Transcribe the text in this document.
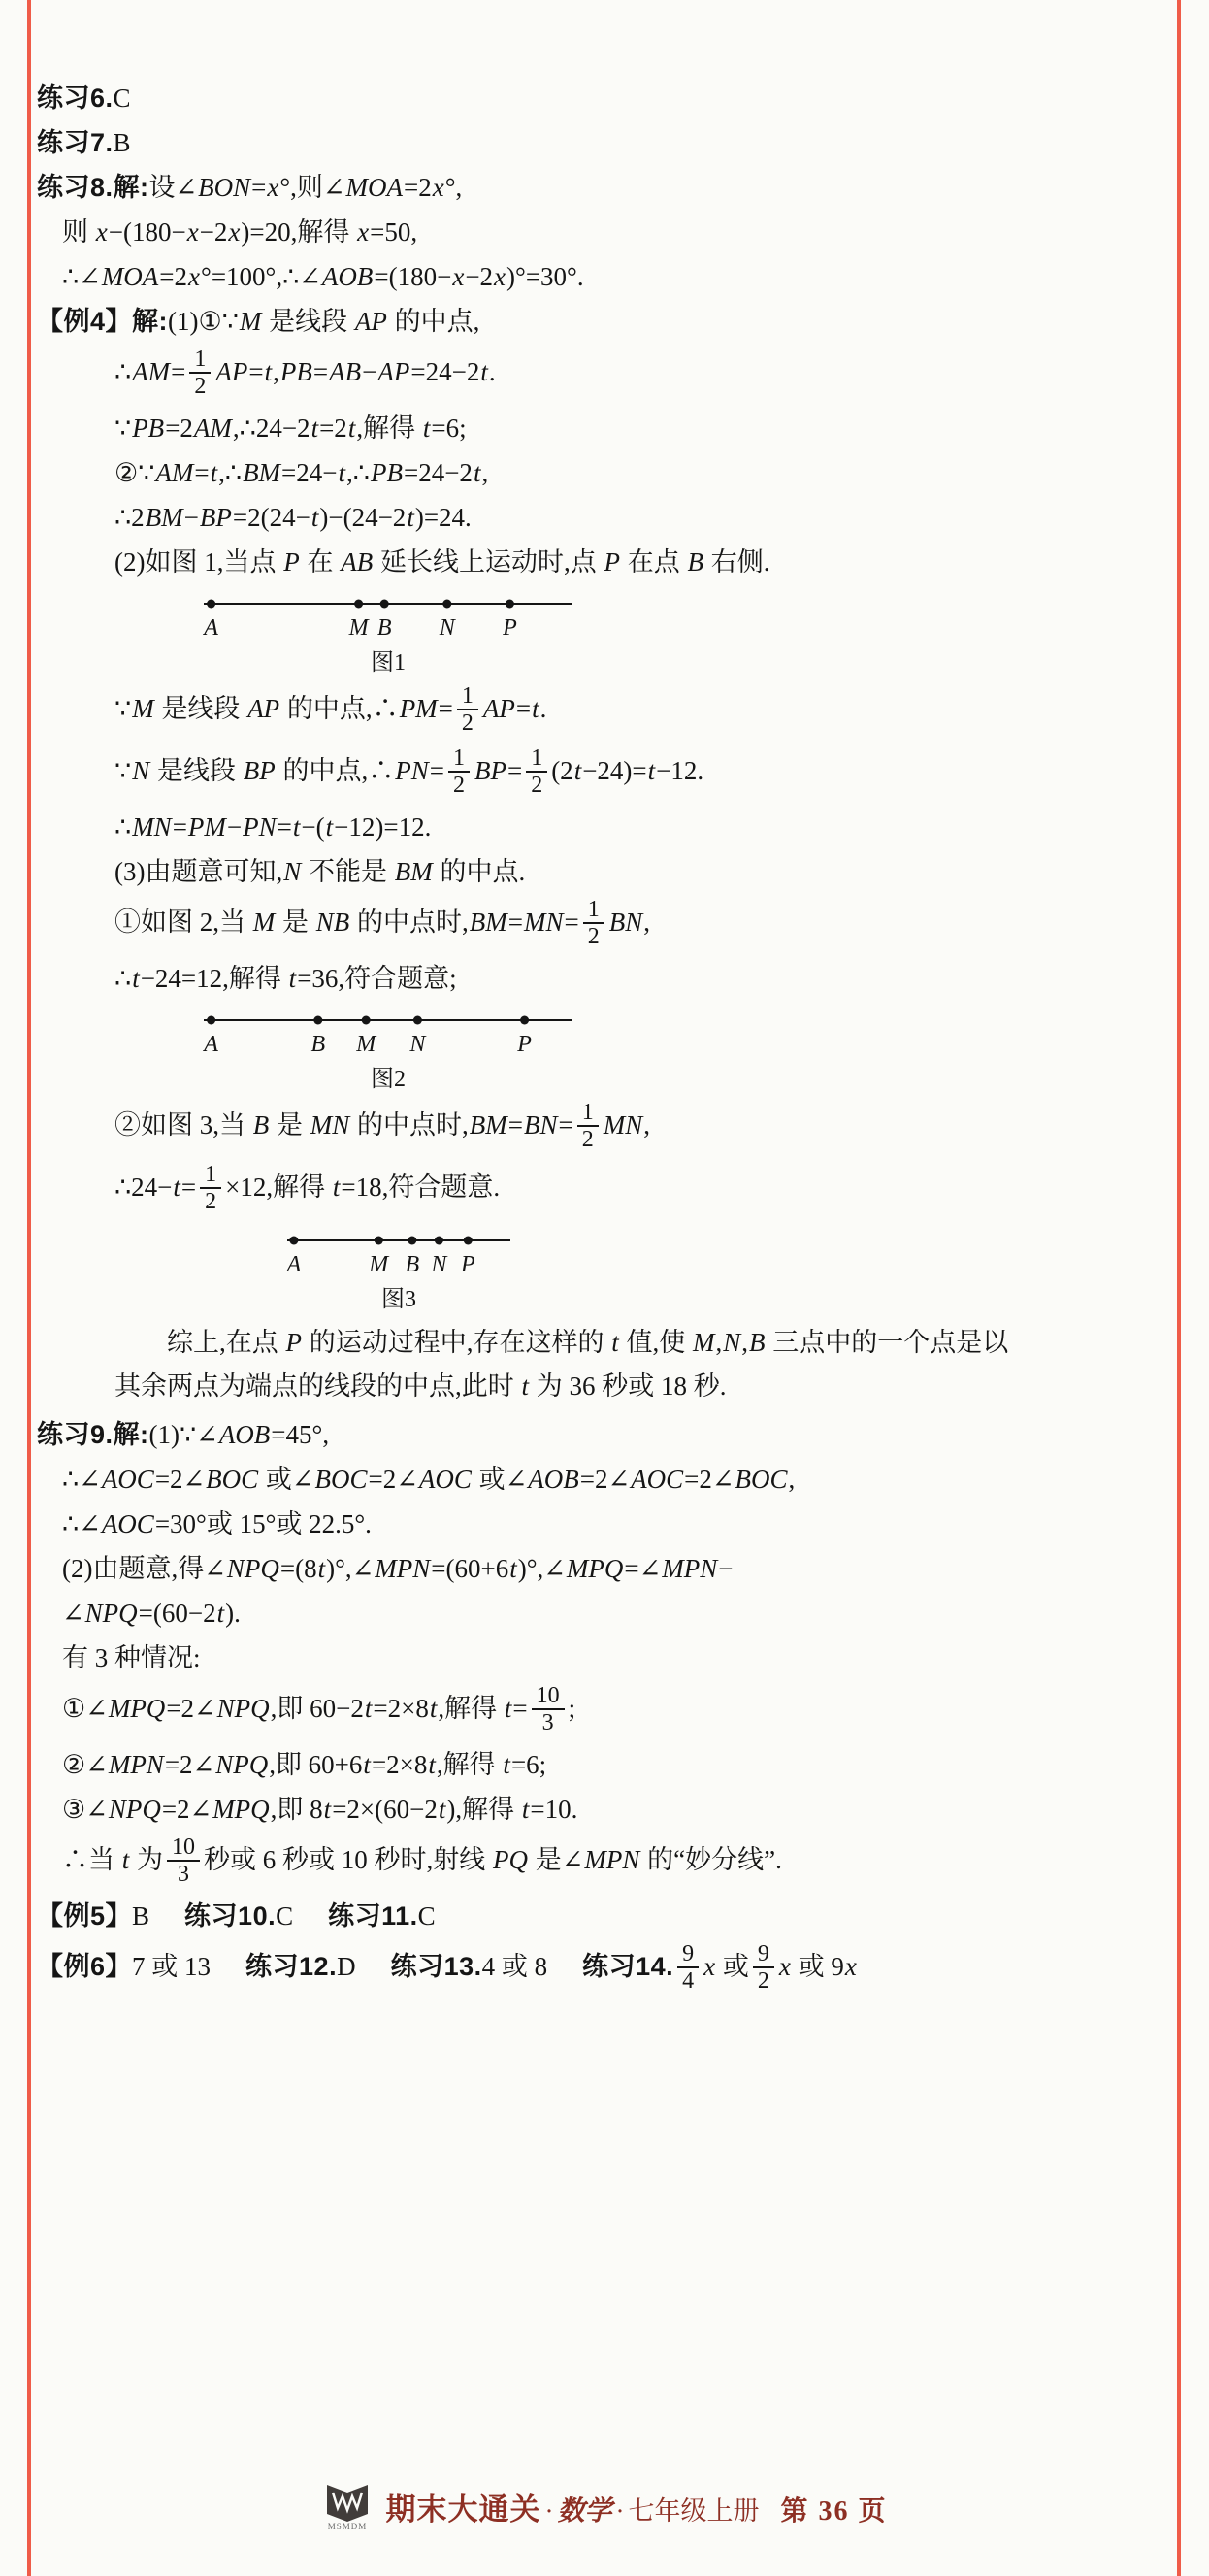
练习6.C
练习7.B
练习8.解:设∠BON=x°,则∠MOA=2x°,
则 x−(180−x−2x)=20,解得 x=50,
∴∠MOA=2x°=100°,∴∠AOB=(180−x−2x)°=30°.
【例4】解:(1)①∵M 是线段 AP 的中点,
∴AM= $\frac{1}{2} AP=t,PB=AB-AP=24-2t$.
∵PB=2AM,∴24−2t=2t,解得 t=6;
②∵AM=t,∴BM=24−t,∴PB=24−2t,
∴2BM−BP=2(24−t)−(24−2t)=24.
(2)如图 1,当点 P 在 AB 延长线上运动时,点 P 在点 B 右侧.
A	M B N P
图1
∵M 是线段 AP 的中点,∴PM= $\frac{1}{2} AP=t$.
∵N 是线段 BP 的中点,∴PN= $\frac{1}{2} BP= \frac{1}{2} (2t-24)=t-12$.
∴MN=PM−PN=t−(t−12)=12.
(3)由题意可知,N 不能是 BM 的中点.
①如图 2,当 M 是 NB 的中点时$,BM=MN= \frac{1}{2}$ BN,
∴t−24=12,解得 t=36,符合题意;
A	B M N	P
图2
②如图 3,当 B 是 MN 的中点时$,BM=BN= \frac{1}{2}$ MN,
∴24−t= $\frac{1}{2} \times 12$,解得 t=18,符合题意.
A	M B N P
图3
综上,在点 P 的运动过程中,存在这样的 t 值,使 M,N,B 三点中的一个点是以其余两点为端点的线段的中点,此时 t 为 36 秒或 18 秒.
练习9.解:(1)∵∠AOB=45°,
∴∠AOC=2∠BOC 或∠BOC=2∠AOC 或∠AOB=2∠AOC=2∠BOC,
∴∠AOC=30°或 15°或 22.5°.
(2)由题意,得∠NPQ=(8t)°,∠MPN=(60+6t)°,∠MPQ=∠MPN−
∠NPQ=(60−2t).
有 3 种情况:
①∠MPQ=2∠NPQ,即 60−2t=2×8t,解得 $t= \frac{10}{3}$ ;
②∠MPN=2∠NPQ,即 60+6t=2×8t,解得 t=6;
③∠NPQ=2∠MPQ,即 8t=2×(60−2t),解得 t=10.
∴当 t 为 $\frac{10}{3}$ 秒或 6 秒或 10 秒时,射线 PQ 是∠MPN 的“妙分线”.
【例5】B 练习10.C 练习11.C
【例6】7 或 13 练习12.D 练习13.4 或 8 练习14. $\frac{9}{4}$ x 或 $\frac{9}{2}$ x 或 9x
MSMDM
期末大通关 · 数学 · 七年级上册 第 36 页
